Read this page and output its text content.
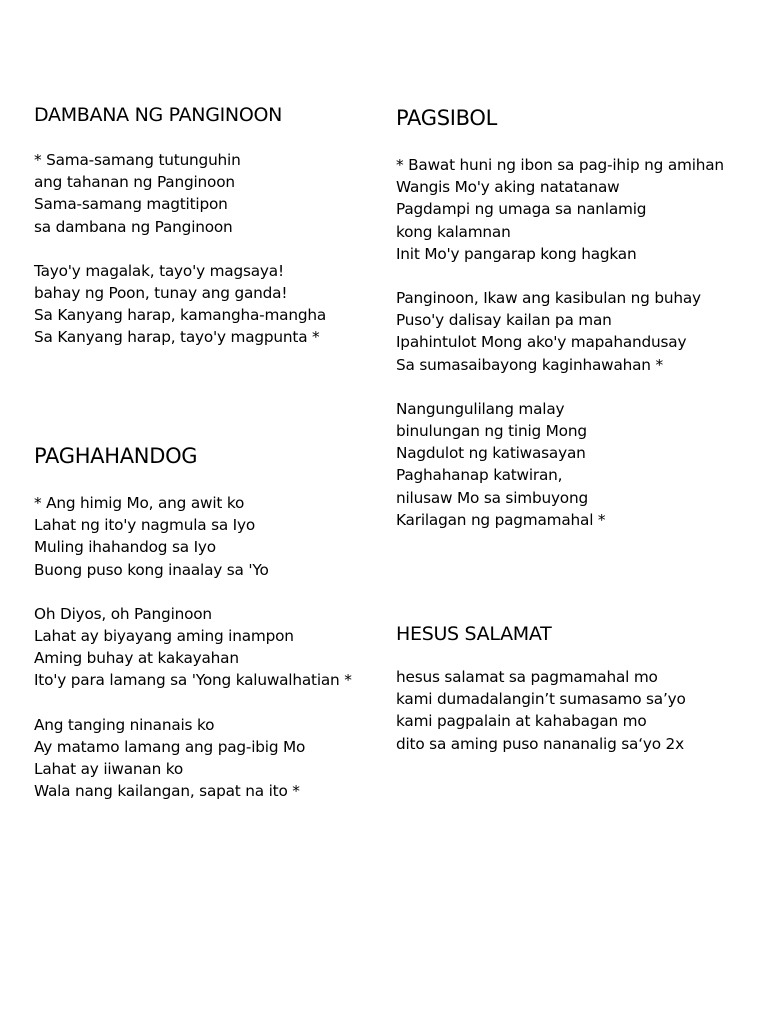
DAMBANA NG PANGINOON
* Sama-samang tutunguhin
ang tahanan ng Panginoon
Sama-samang magtitipon
sa dambana ng Panginoon
Tayo'y magalak, tayo'y magsaya!
bahay ng Poon, tunay ang ganda!
Sa Kanyang harap, kamangha-mangha
Sa Kanyang harap, tayo'y magpunta *
PAGSIBOL
* Bawat huni ng ibon sa pag-ihip ng amihan
Wangis Mo'y aking natatanaw
Pagdampi ng umaga sa nanlamig
kong kalamnan
Init Mo'y pangarap kong hagkan
Panginoon, Ikaw ang kasibulan ng buhay
Puso'y dalisay kailan pa man
Ipahintulot Mong ako'y mapahandusay
Sa sumasaibayong kaginhawahan *
Nangungulilang malay
binulungan ng tinig Mong
Nagdulot ng katiwasayan
Paghahanap katwiran,
nilusaw Mo sa simbuyong
Karilagan ng pagmamahal *
PAGHAHANDOG
* Ang himig Mo, ang awit ko
Lahat ng ito'y nagmula sa Iyo
Muling ihahandog sa Iyo
Buong puso kong inaalay sa 'Yo
Oh Diyos, oh Panginoon
Lahat ay biyayang aming inampon
Aming buhay at kakayahan
Ito'y para lamang sa 'Yong kaluwalhatian *
Ang tanging ninanais ko
Ay matamo lamang ang pag-ibig Mo
Lahat ay iiwanan ko
Wala nang kailangan, sapat na ito *
HESUS SALAMAT
hesus salamat sa pagmamahal mo
kami dumadalangin’t sumasamo sa’yo
kami pagpalain at kahabagan mo
dito sa aming puso nananalig sa‘yo 2x
